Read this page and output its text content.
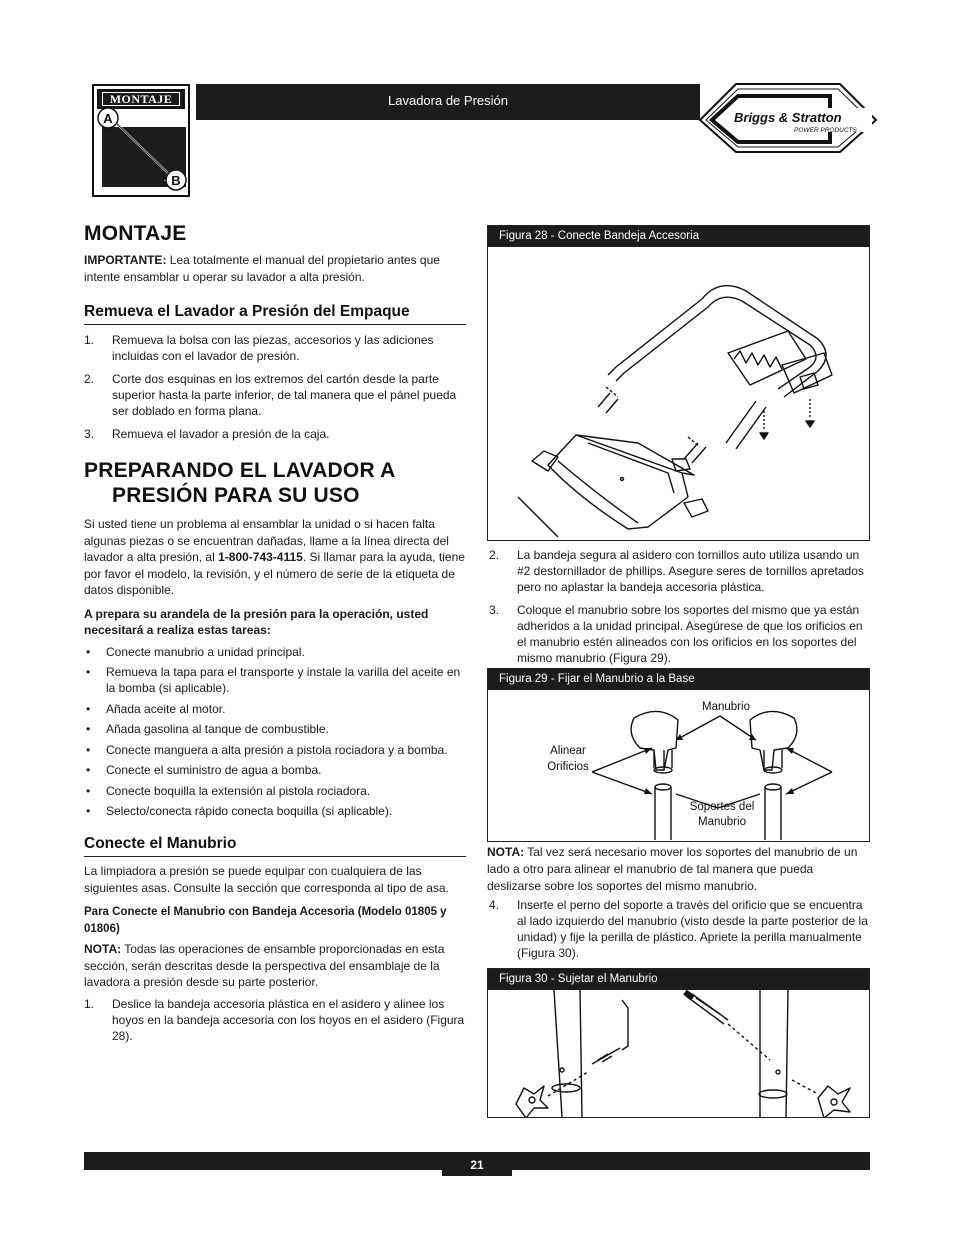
MONTAJE
A
B
Lavadora de Presión
Briggs & Stratton
POWER PRODUCTS
MONTAJE

IMPORTANTE: Lea totalmente el manual del propietario antes que intente ensamblar u operar su lavador a alta presión.

Remueva el Lavador a Presión del Empaque
1. Remueva la bolsa con las piezas, accesorios y las adiciones incluidas con el lavador de presión.
2. Corte dos esquinas en los extremos del cartón desde la parte superior hasta la parte inferior, de tal manera que el pánel pueda ser doblado en forma plana.
3. Remueva el lavador a presión de la caja.
PREPARANDO EL LAVADOR A PRESIÓN PARA SU USO

Si usted tiene un problema al ensamblar la unidad o si hacen falta algunas piezas o se encuentran dañadas, llame a la línea directa del lavador a alta presión, al 1-800-743-4115. Si llamar para la ayuda, tiene por favor el modelo, la revisión, y el número de serie de la etiqueta de datos disponible.

A prepara su arandela de la presión para la operación, usted necesitará a realiza estas tareas:

• Conecte manubrio a unidad principal.
• Remueva la tapa para el transporte y instale la varilla del aceite en la bomba (si aplicable).
• Añada aceite al motor.
• Añada gasolina al tanque de combustible.
• Conecte manguera a alta presión a pistola rociadora y a bomba.
• Conecte el suministro de agua a bomba.
• Conecte boquilla la extensión al pistola rociadora.
• Selecto/conecta rápido conecta boquilla (si aplicable).
Conecte el Manubrio

La limpiadora a presión se puede equipar con cualquiera de las siguientes asas. Consulte la sección que corresponda al tipo de asa.

Para Conecte el Manubrio con Bandeja Accesoria (Modelo 01805 y 01806)

NOTA: Todas las operaciones de ensamble proporcionadas en esta sección, serán descritas desde la perspectiva del ensamblaje de la lavadora a presión desde su parte posterior.

1. Deslice la bandeja accesoria plástica en el asidero y alinee los hoyos en la bandeja accesoria con los hoyos en el asidero (Figura 28).
Figura 28 - Conecte Bandeja Accesoria
2. La bandeja segura al asidero con tornillos auto utiliza usando un #2 destornillador de phillips. Asegure seres de tornillos apretados pero no aplastar la bandeja accesoria plástica.
3. Coloque el manubrio sobre los soportes del mismo que ya están adheridos a la unidad principal. Asegúrese de que los orificios en el manubrio estén alineados con los orificios en los soportes del mismo manubrio (Figura 29).
Figura 29 - Fijar el Manubrio a la Base
Manubrio
Alinear
Orificios
Soportes del
Manubrio

NOTA: Tal vez será necesario mover los soportes del manubrio de un lado a otro para alinear el manubrio de tal manera que pueda deslizarse sobre los soportes del mismo manubrio.

4. Inserte el perno del soporte a través del orificio que se encuentra al lado izquierdo del manubrio (visto desde la parte posterior de la unidad) y fije la perilla de plástico. Apriete la perilla manualmente (Figura 30).
Figura 30 - Sujetar el Manubrio
21
